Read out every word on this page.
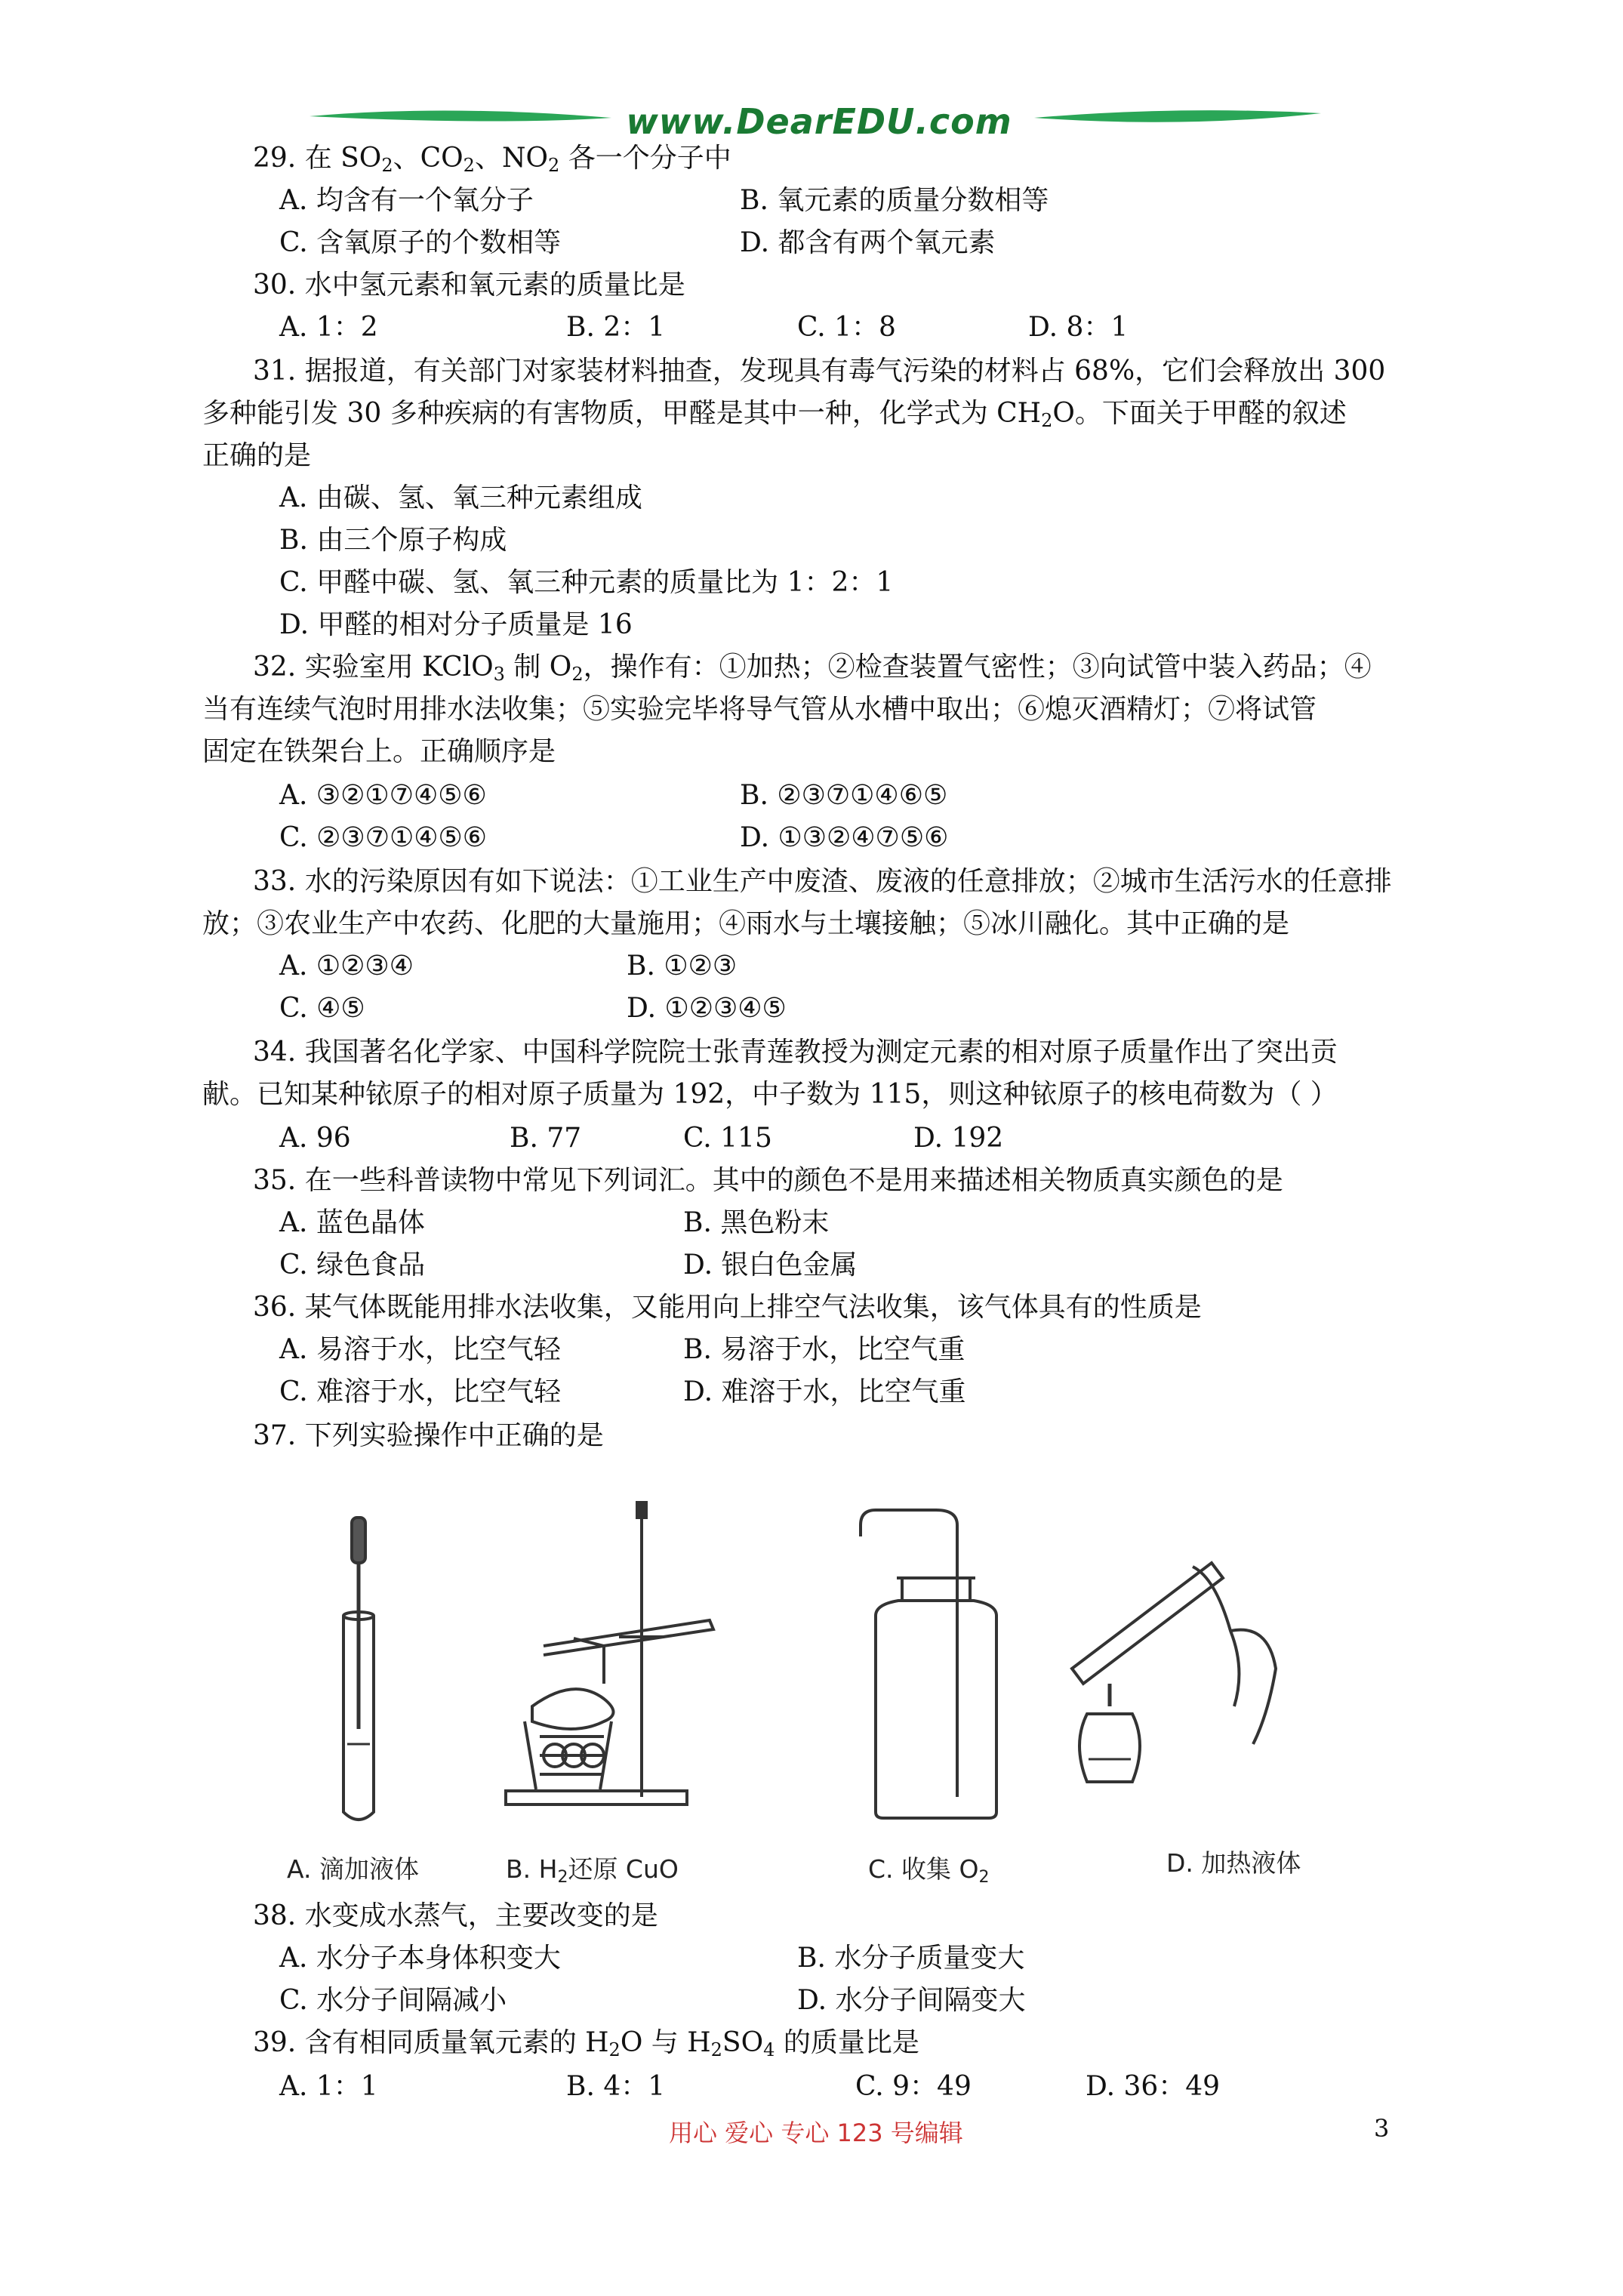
www.DearEDU.com
29. 在 $SO_2$、$CO_2$、$NO_2$ 各一个分子中
A. 均含有一个氧分子	B. 氧元素的质量分数相等
C. 含氧原子的个数相等	D. 都含有两个氧元素
30. 水中氢元素和氧元素的质量比是
A. 1：2	B. 2：1	C. 1：8	D. 8：1
31. 据报道，有关部门对家装材料抽查，发现具有毒气污染的材料占 68%，它们会释放出 300
多种能引发 30 多种疾病的有害物质，甲醛是其中一种，化学式为 $CH_2O$。下面关于甲醛的叙述
正确的是
A. 由碳、氢、氧三种元素组成
B. 由三个原子构成
C. 甲醛中碳、氢、氧三种元素的质量比为 1：2：1
D. 甲醛的相对分子质量是 16
32. 实验室用 KClO$_3$ 制 $O_2$，操作有：①加热；②检查装置气密性；③向试管中装入药品；④
当有连续气泡时用排水法收集；⑤实验完毕将导气管从水槽中取出；⑥熄灭酒精灯；⑦将试管
固定在铁架台上。正确顺序是
A. ③②①⑦④⑤⑥	B. ②③⑦①④⑥⑤
C. ②③⑦①④⑤⑥	D. ①③②④⑦⑤⑥
33. 水的污染原因有如下说法：①工业生产中废渣、废液的任意排放；②城市生活污水的任意排
放；③农业生产中农药、化肥的大量施用；④雨水与土壤接触；⑤冰川融化。其中正确的是
A. ①②③④	B. ①②③
C. ④⑤	D. ①②③④⑤
34. 我国著名化学家、中国科学院院士张青莲教授为测定元素的相对原子质量作出了突出贡
献。已知某种铱原子的相对原子质量为 192，中子数为 115，则这种铱原子的核电荷数为（ ）
A. 96	B. 77	C. 115	D. 192
35. 在一些科普读物中常见下列词汇。其中的颜色不是用来描述相关物质真实颜色的是
A. 蓝色晶体	B. 黑色粉末
C. 绿色食品	D. 银白色金属
36. 某气体既能用排水法收集，又能用向上排空气法收集，该气体具有的性质是
A. 易溶于水，比空气轻	B. 易溶于水，比空气重
C. 难溶于水，比空气轻	D. 难溶于水，比空气重
37. 下列实验操作中正确的是
A. 滴加液体	B. $H_2$还原 CuO	C. 收集 $O_2$	D. 加热液体
38. 水变成水蒸气，主要改变的是
A. 水分子本身体积变大	B. 水分子质量变大
C. 水分子间隔减小	D. 水分子间隔变大
39. 含有相同质量氧元素的 $H_2O$ 与 $H_2SO_4$ 的质量比是
A. 1：1	B. 4：1	C. 9：49	D. 36：49
用心 爱心 专心 123 号编辑	3
